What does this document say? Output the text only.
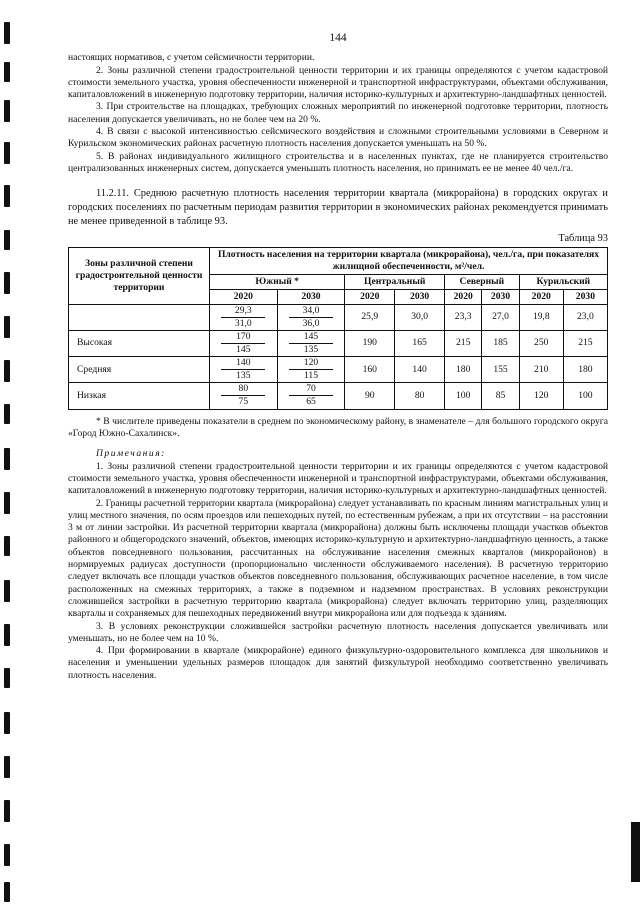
144

настоящих нормативов, с учетом сейсмичности территории.

2. Зоны различной степени градостроительной ценности территории и их границы определяются с учетом кадастровой стоимости земельного участка, уровня обеспеченности инженерной и транспортной инфраструктурами, объектами обслуживания, капиталовложений в инженерную подготовку территории, наличия историко-культурных и архитектурно-ландшафтных ценностей.

3. При строительстве на площадках, требующих сложных мероприятий по инженерной подготовке территории, плотность населения допускается увеличивать, но не более чем на 20 %.

4. В связи с высокой интенсивностью сейсмического воздействия и сложными строительными условиями в Северном и Курильском экономических районах расчетную плотность населения допускается уменьшать на 50 %.

5. В районах индивидуального жилищного строительства и в населенных пунктах, где не планируется строительство централизованных инженерных систем, допускается уменьшать плотность населения, но принимать ее не менее 40 чел./га.

11.2.11. Среднюю расчетную плотность населения территории квартала (микрорайона) в городских округах и городских поселениях по расчетным периодам развития территории в экономических районах рекомендуется принимать не менее приведенной в таблице 93.

Таблица 93
Зоны различной степени градостроительной ценности территории	Плотность населения на территории квартала (микрорайона), чел./га, при показателях жилищной обеспеченности, м²/чел.							
	Южный *		Центральный		Северный		Курильский	
	2020	2030	2020	2030	2020	2030	2020	2030

	$\frac{29,3}{31,0}$	$\frac{34,0}{36,0}$	25,9	30,0	23,3	27,0	19,8	23,0
Высокая	$\frac{170}{145}$	$\frac{145}{135}$	190	165	215	185	250	215
Средняя	$\frac{140}{135}$	$\frac{120}{115}$	160	140	180	155	210	180
Низкая	$\frac{80}{75}$	$\frac{70}{65}$	90	80	100	85	120	100

* В числителе приведены показатели в среднем по экономическому району, в знаменателе – для большого городского округа «Город Южно-Сахалинск».

Примечания:

1. Зоны различной степени градостроительной ценности территории и их границы определяются с учетом кадастровой стоимости земельного участка, уровня обеспеченности инженерной и транспортной инфраструктурами, объектами обслуживания, капиталовложений в инженерную подготовку территории, наличия историко-культурных и архитектурно-ландшафтных ценностей.

2. Границы расчетной территории квартала (микрорайона) следует устанавливать по красным линиям магистральных улиц и улиц местного значения, по осям проездов или пешеходных путей, по естественным рубежам, а при их отсутствии – на расстоянии 3 м от линии застройки. Из расчетной территории квартала (микрорайона) должны быть исключены площади участков объектов районного и общегородского значений, объектов, имеющих историко-культурную и архитектурно-ландшафтную ценность, а также объектов повседневного пользования, рассчитанных на обслуживание населения смежных кварталов (микрорайонов) в нормируемых радиусах доступности (пропорционально численности обслуживаемого населения). В расчетную территорию следует включать все площади участков объектов повседневного пользования, обслуживающих расчетное население, в том числе расположенных на смежных территориях, а также в подземном и надземном пространствах. В условиях реконструкции сложившейся застройки в расчетную территорию квартала (микрорайона) следует включать территорию улиц, разделяющих кварталы и сохраняемых для пешеходных передвижений внутри микрорайона или для подъезда к зданиям.

3. В условиях реконструкции сложившейся застройки расчетную плотность населения допускается увеличивать или уменьшать, но не более чем на 10 %.

4. При формировании в квартале (микрорайоне) единого физкультурно-оздоровительного комплекса для школьников и населения и уменьшении удельных размеров площадок для занятий физкультурой необходимо соответственно увеличивать плотность населения.
